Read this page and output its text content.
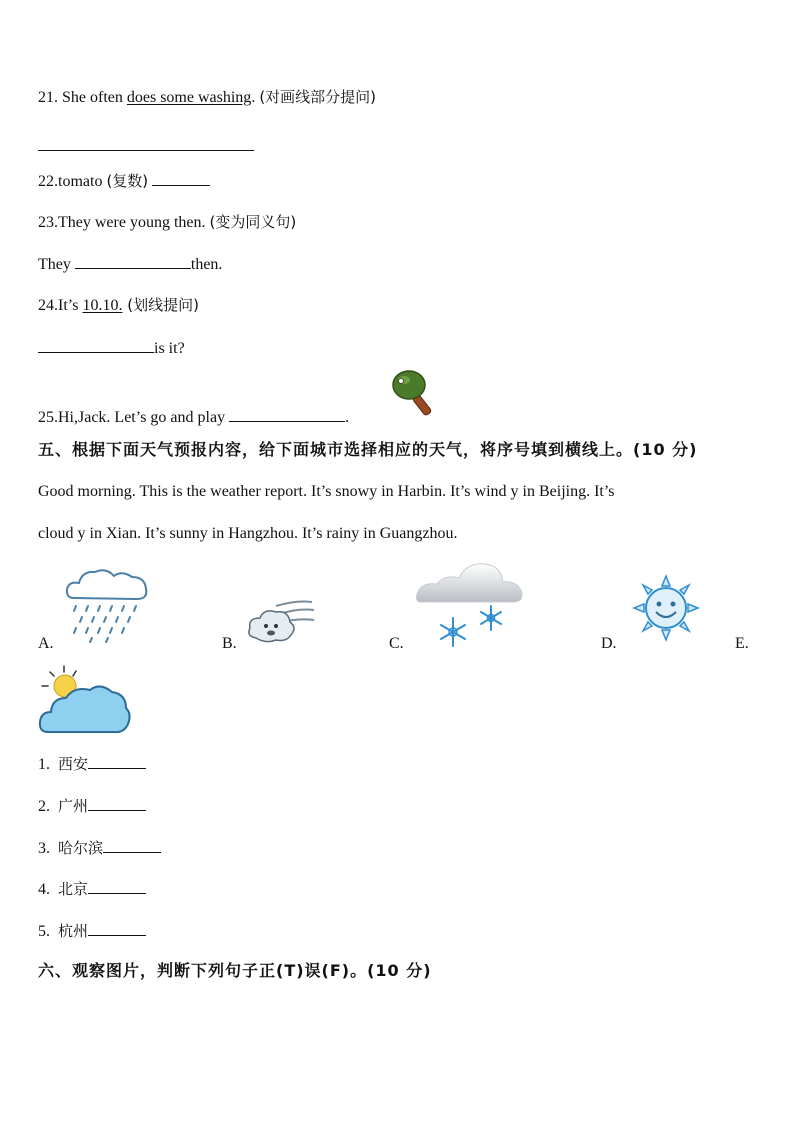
21. She often does some washing. (对画线部分提问)
22.tomato (复数)
23.They were young then. (变为同义句)
They	then.
24.It’s 10.10. (划线提问)
is it?
25.Hi,Jack. Let’s go and play	.
五、根据下面天气预报内容，给下面城市选择相应的天气，将序号填到横线上。(10 分)
Good morning. This is the weather report. It’s snowy in Harbin. It’s wind y in Beijing. It’s
cloud y in Xian. It’s sunny in Hangzhou. It’s rainy in Guangzhou.
A.	B.	C.	D.	E.
1. 西安
2. 广州
3. 哈尔滨
4. 北京
5. 杭州
六、观察图片，判断下列句子正(T)误(F)。(10 分)
